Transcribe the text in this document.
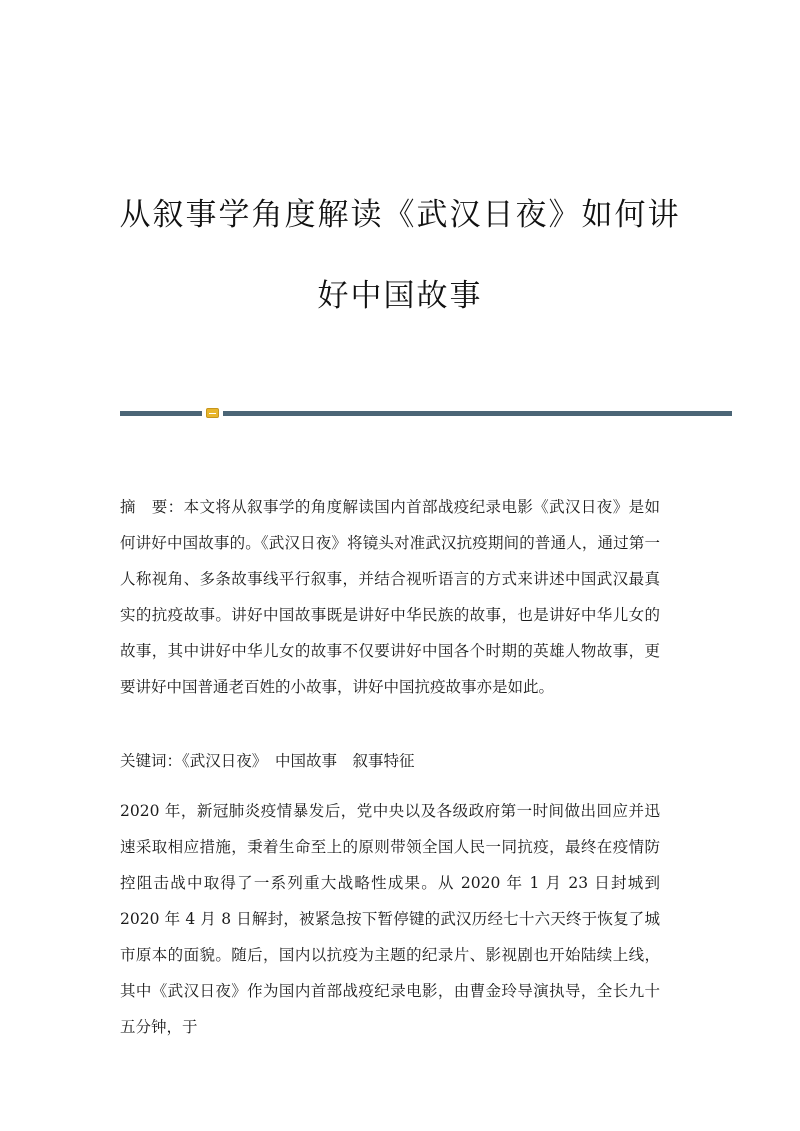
从叙事学角度解读《武汉日夜》如何讲
好中国故事

摘　要：本文将从叙事学的角度解读国内首部战疫纪录电影《武汉日夜》是如何讲好中国故事的。《武汉日夜》将镜头对准武汉抗疫期间的普通人，通过第一人称视角、多条故事线平行叙事，并结合视听语言的方式来讲述中国武汉最真实的抗疫故事。讲好中国故事既是讲好中华民族的故事，也是讲好中华儿女的故事，其中讲好中华儿女的故事不仅要讲好中国各个时期的英雄人物故事，更要讲好中国普通老百姓的小故事，讲好中国抗疫故事亦是如此。

关键词：《武汉日夜》　中国故事　叙事特征

2020 年，新冠肺炎疫情暴发后，党中央以及各级政府第一时间做出回应并迅速采取相应措施，秉着生命至上的原则带领全国人民一同抗疫，最终在疫情防控阻击战中取得了一系列重大战略性成果。从 2020 年 1 月 23 日封城到 2020 年 4 月 8 日解封，被紧急按下暂停键的武汉历经七十六天终于恢复了城市原本的面貌。随后，国内以抗疫为主题的纪录片、影视剧也开始陆续上线，其中《武汉日夜》作为国内首部战疫纪录电影，由曹金玲导演执导，全长九十五分钟，于
